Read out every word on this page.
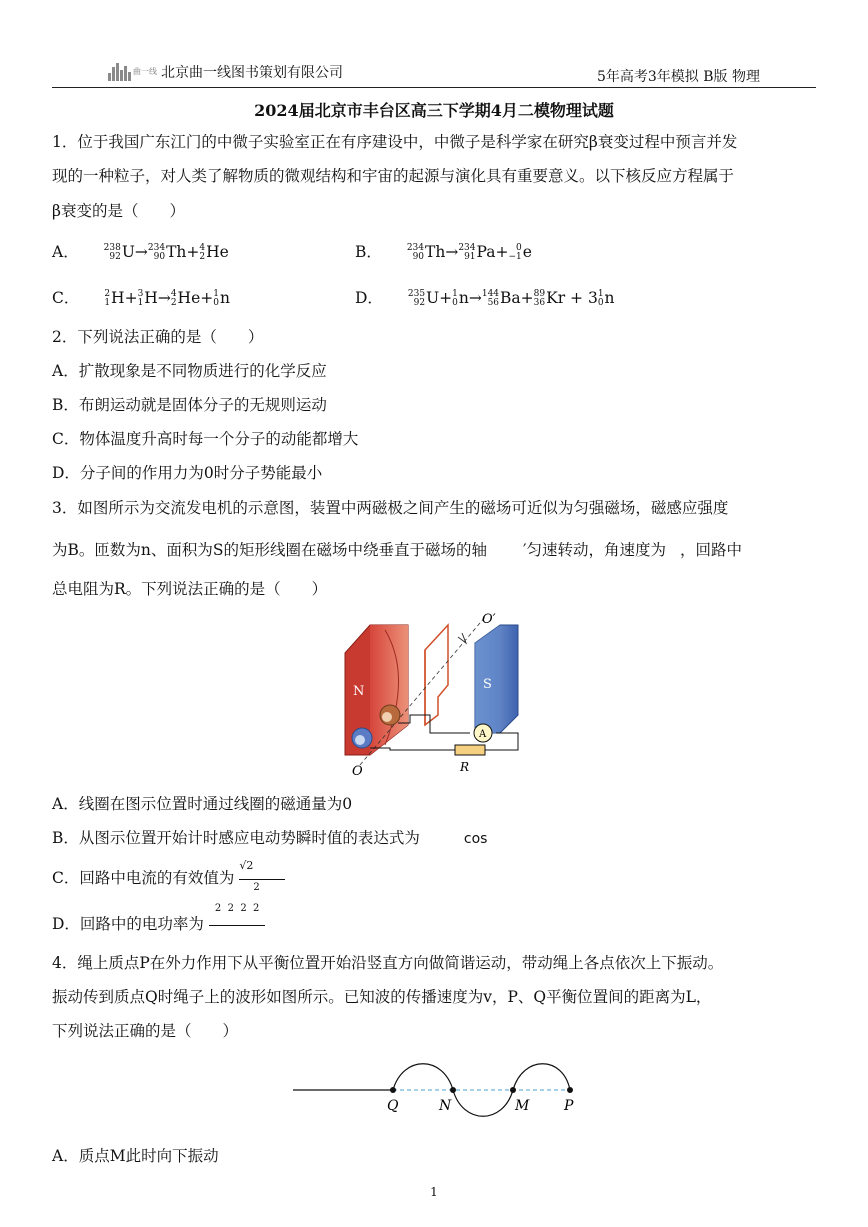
曲一线 北京曲一线图书策划有限公司	5年高考3年模拟 B版 物理
2024届北京市丰台区高三下学期4月二模物理试题
1．位于我国广东江门的中微子实验室正在有序建设中，中微子是科学家在研究β衰变过程中预言并发
现的一种粒子，对人类了解物质的微观结构和宇宙的起源与演化具有重要意义。以下核反应方程属于
β衰变的是（　　）
A．	238
92 U→ 234
90 Th+ 4
2 He	B．	234
90 Th→ 234
91 Pa+ 0
−1 e
C．	2
1 H+ 3
1 H→ 4
2 He+ 1
0 n	D．	235
92 U+ 1
0 n→ 144
56 Ba+ 89
36 Kr + 3 1
0 n
2．下列说法正确的是（　　）
A．扩散现象是不同物质进行的化学反应
B．布朗运动就是固体分子的无规则运动
C．物体温度升高时每一个分子的动能都增大
D．分子间的作用力为0时分子势能最小
3．如图所示为交流发电机的示意图，装置中两磁极之间产生的磁场可近似为匀强磁场，磁感应强度
为B。匝数为n、面积为S的矩形线圈在磁场中绕垂直于磁场的轴 ′匀速转动，角速度为 ，回路中
总电阻为R。下列说法正确的是（　　）
N	S
A
R
O
O′
A．线圈在图示位置时通过线圈的磁通量为0
B．从图示位置开始计时感应电动势瞬时值的表达式为	cos
C．回路中电流的有效值为
√2
2
D．回路中的电功率为
2  2  2  2
4．绳上质点P在外力作用下从平衡位置开始沿竖直方向做简谐运动，带动绳上各点依次上下振动。
振动传到质点Q时绳子上的波形如图所示。已知波的传播速度为v，P、Q平衡位置间的距离为L，
下列说法正确的是（　　）
Q	N	M P
A．质点M此时向下振动
1
